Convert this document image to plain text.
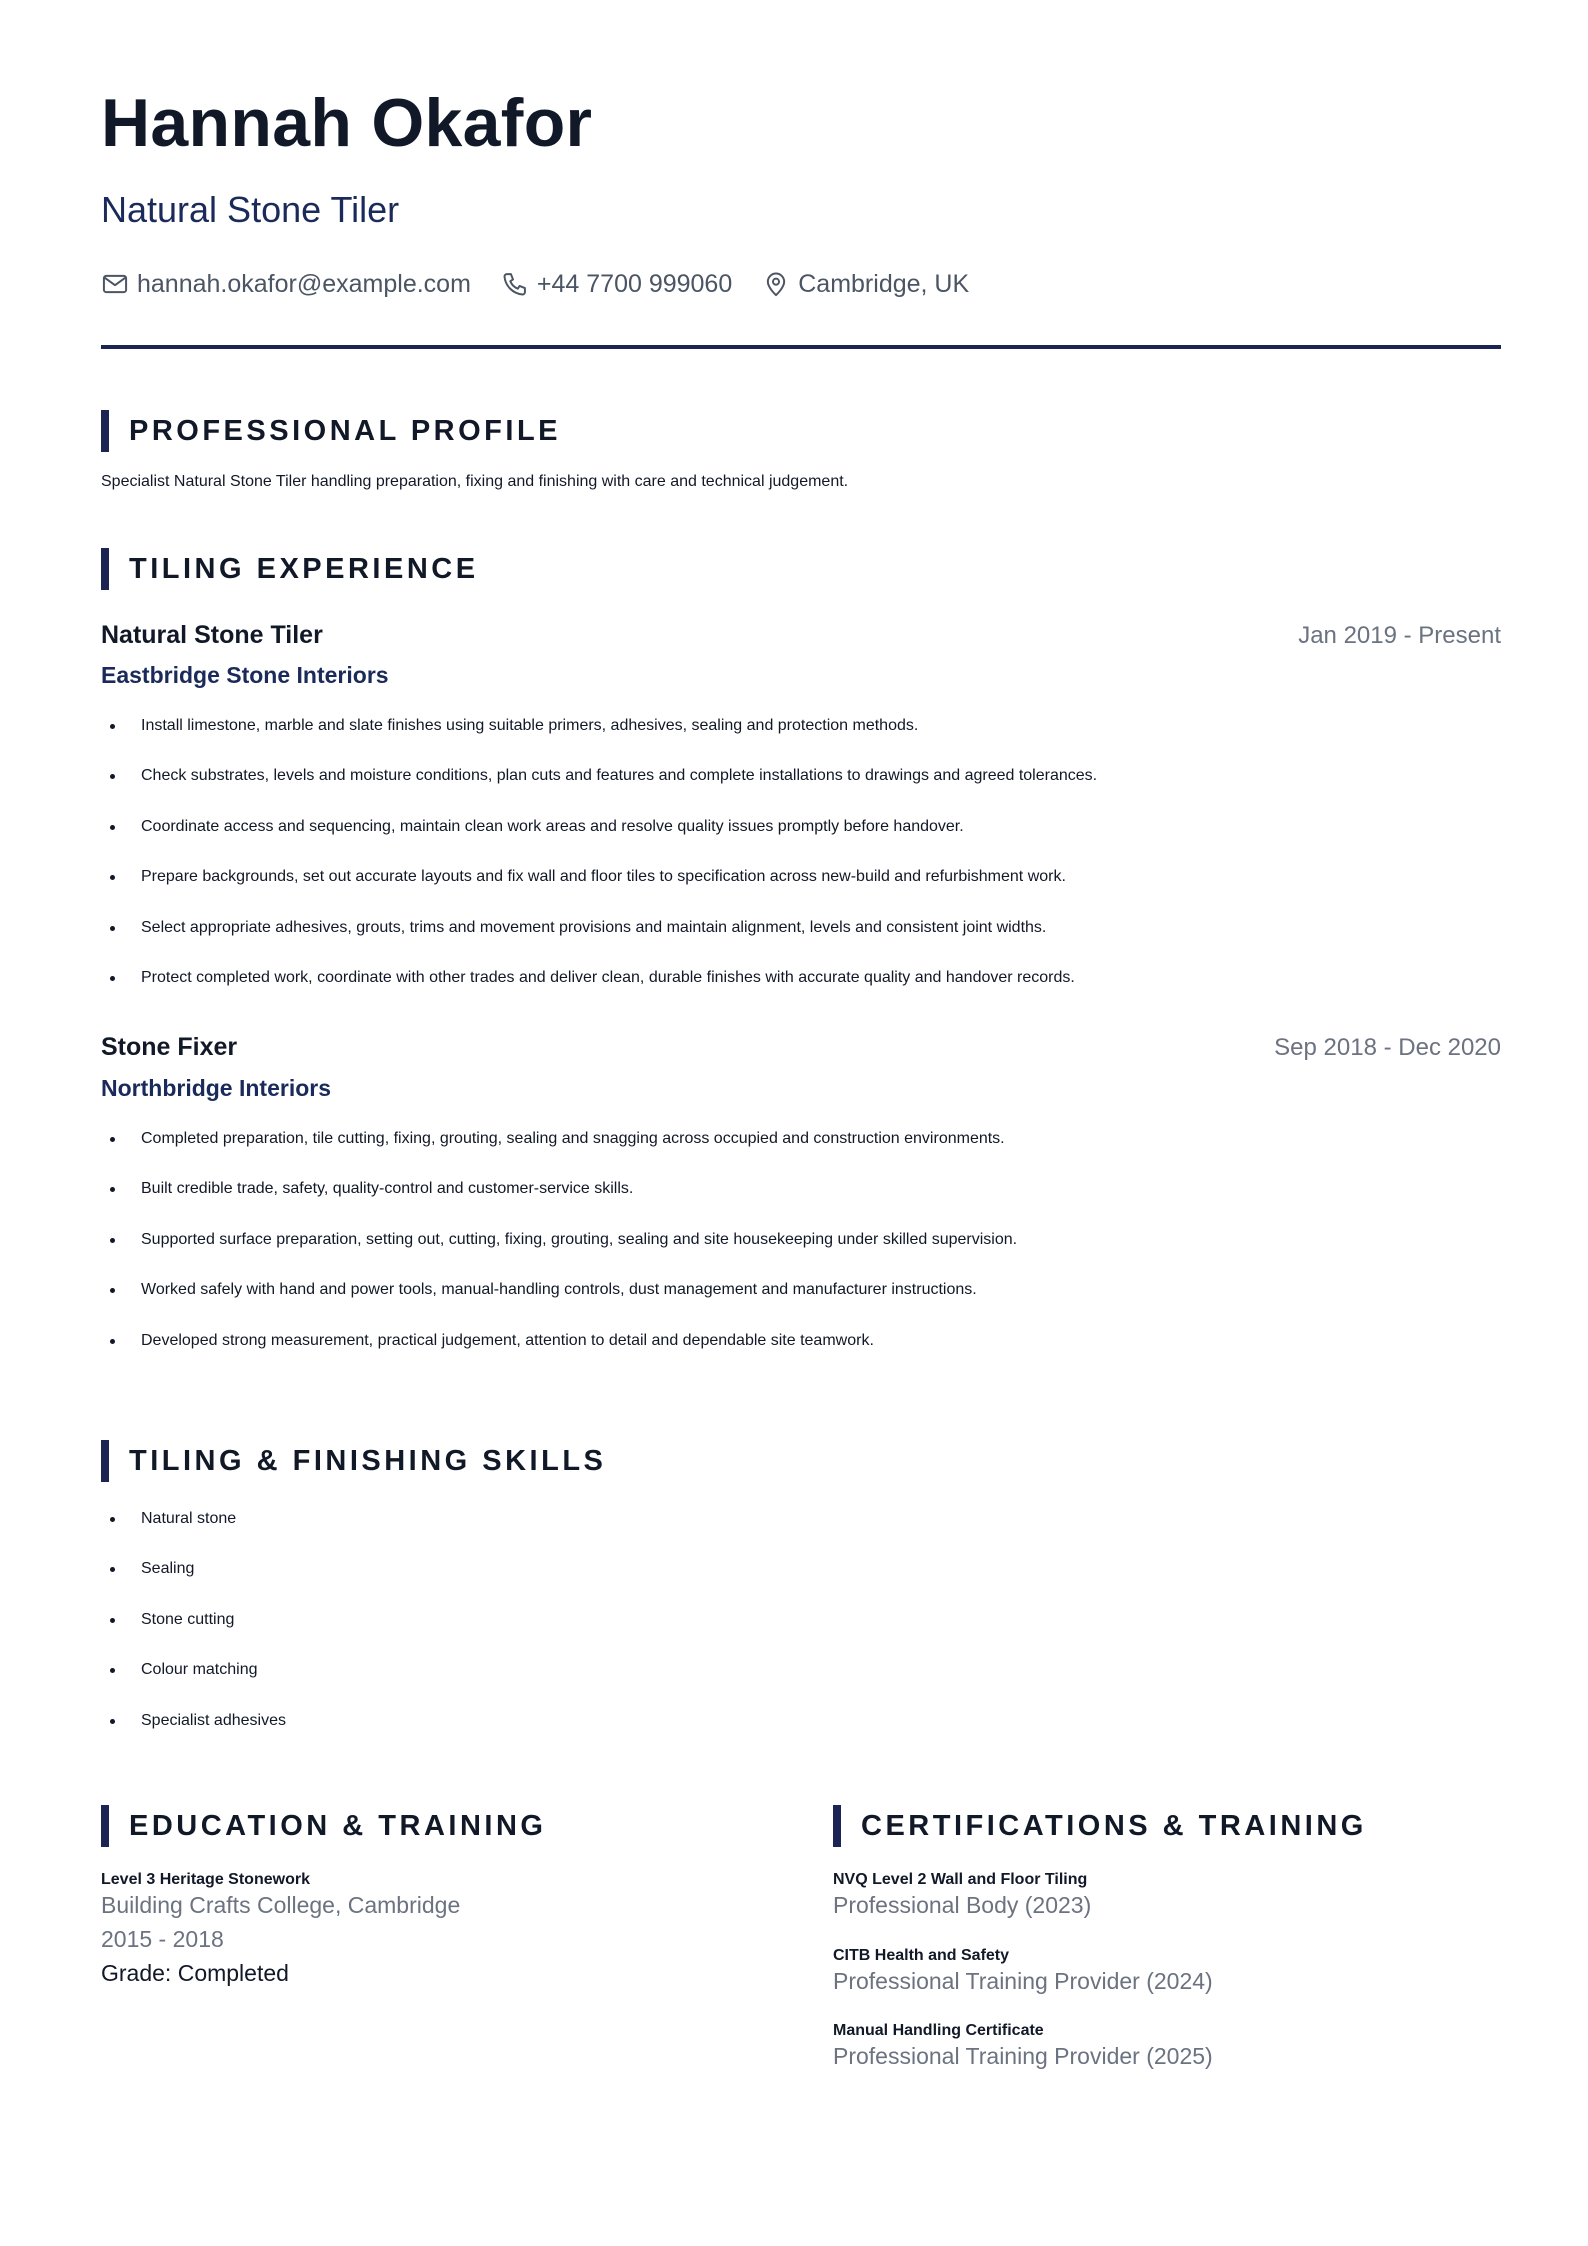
Hannah Okafor
Natural Stone Tiler
hannah.okafor@example.com	+44 7700 999060	Cambridge, UK
PROFESSIONAL PROFILE
Specialist Natural Stone Tiler handling preparation, fixing and finishing with care and technical judgement.
TILING EXPERIENCE
Natural Stone Tiler	Jan 2019 - Present
Eastbridge Stone Interiors
Install limestone, marble and slate finishes using suitable primers, adhesives, sealing and protection methods.
Check substrates, levels and moisture conditions, plan cuts and features and complete installations to drawings and agreed tolerances.
Coordinate access and sequencing, maintain clean work areas and resolve quality issues promptly before handover.
Prepare backgrounds, set out accurate layouts and fix wall and floor tiles to specification across new-build and refurbishment work.
Select appropriate adhesives, grouts, trims and movement provisions and maintain alignment, levels and consistent joint widths.
Protect completed work, coordinate with other trades and deliver clean, durable finishes with accurate quality and handover records.
Stone Fixer	Sep 2018 - Dec 2020
Northbridge Interiors
Completed preparation, tile cutting, fixing, grouting, sealing and snagging across occupied and construction environments.
Built credible trade, safety, quality-control and customer-service skills.
Supported surface preparation, setting out, cutting, fixing, grouting, sealing and site housekeeping under skilled supervision.
Worked safely with hand and power tools, manual-handling controls, dust management and manufacturer instructions.
Developed strong measurement, practical judgement, attention to detail and dependable site teamwork.
TILING & FINISHING SKILLS
Natural stone
Sealing
Stone cutting
Colour matching
Specialist adhesives
EDUCATION & TRAINING
Level 3 Heritage Stonework
Building Crafts College, Cambridge
2015 - 2018
Grade: Completed
CERTIFICATIONS & TRAINING
NVQ Level 2 Wall and Floor Tiling
Professional Body (2023)
CITB Health and Safety
Professional Training Provider (2024)
Manual Handling Certificate
Professional Training Provider (2025)
